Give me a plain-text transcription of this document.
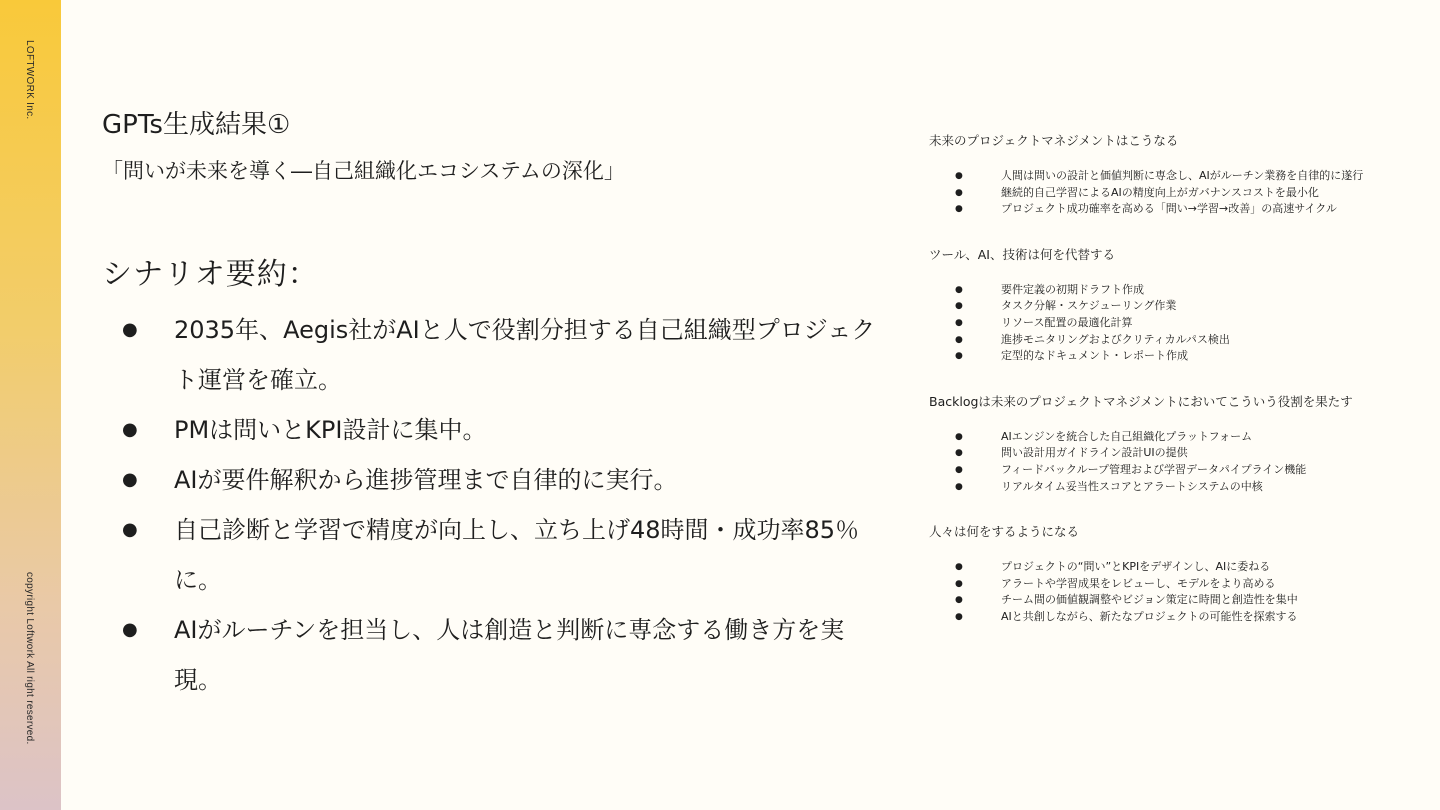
LOFTWORK Inc.
copyright Loftwork All right reserved.
GPTs生成結果①
「問いが未来を導く―自己組織化エコシステムの深化」
シナリオ要約：
● 2035年、Aegis社がAIと人で役割分担する自己組織型プロジェクト運営を確立。
● PMは問いとKPI設計に集中。
● AIが要件解釈から進捗管理まで自律的に実行。
● 自己診断と学習で精度が向上し、立ち上げ48時間・成功率85％に。
● AIがルーチンを担当し、人は創造と判断に専念する働き方を実現。
未来のプロジェクトマネジメントはこうなる
●	人間は問いの設計と価値判断に専念し、AIがルーチン業務を自律的に遂行
●	継続的自己学習によるAIの精度向上がガバナンスコストを最小化
●	プロジェクト成功確率を高める「問い→学習→改善」の高速サイクル
ツール、AI、技術は何を代替する
●	要件定義の初期ドラフト作成
●	タスク分解・スケジューリング作業
●	リソース配置の最適化計算
●	進捗モニタリングおよびクリティカルパス検出
●	定型的なドキュメント・レポート作成
Backlogは未来のプロジェクトマネジメントにおいてこういう役割を果たす
●	AIエンジンを統合した自己組織化プラットフォーム
●	問い設計用ガイドライン設計UIの提供
●	フィードバックループ管理および学習データパイプライン機能
●	リアルタイム妥当性スコアとアラートシステムの中核
人々は何をするようになる
●	プロジェクトの“問い”とKPIをデザインし、AIに委ねる
●	アラートや学習成果をレビューし、モデルをより高める
●	チーム間の価値観調整やビジョン策定に時間と創造性を集中
●	AIと共創しながら、新たなプロジェクトの可能性を探索する
